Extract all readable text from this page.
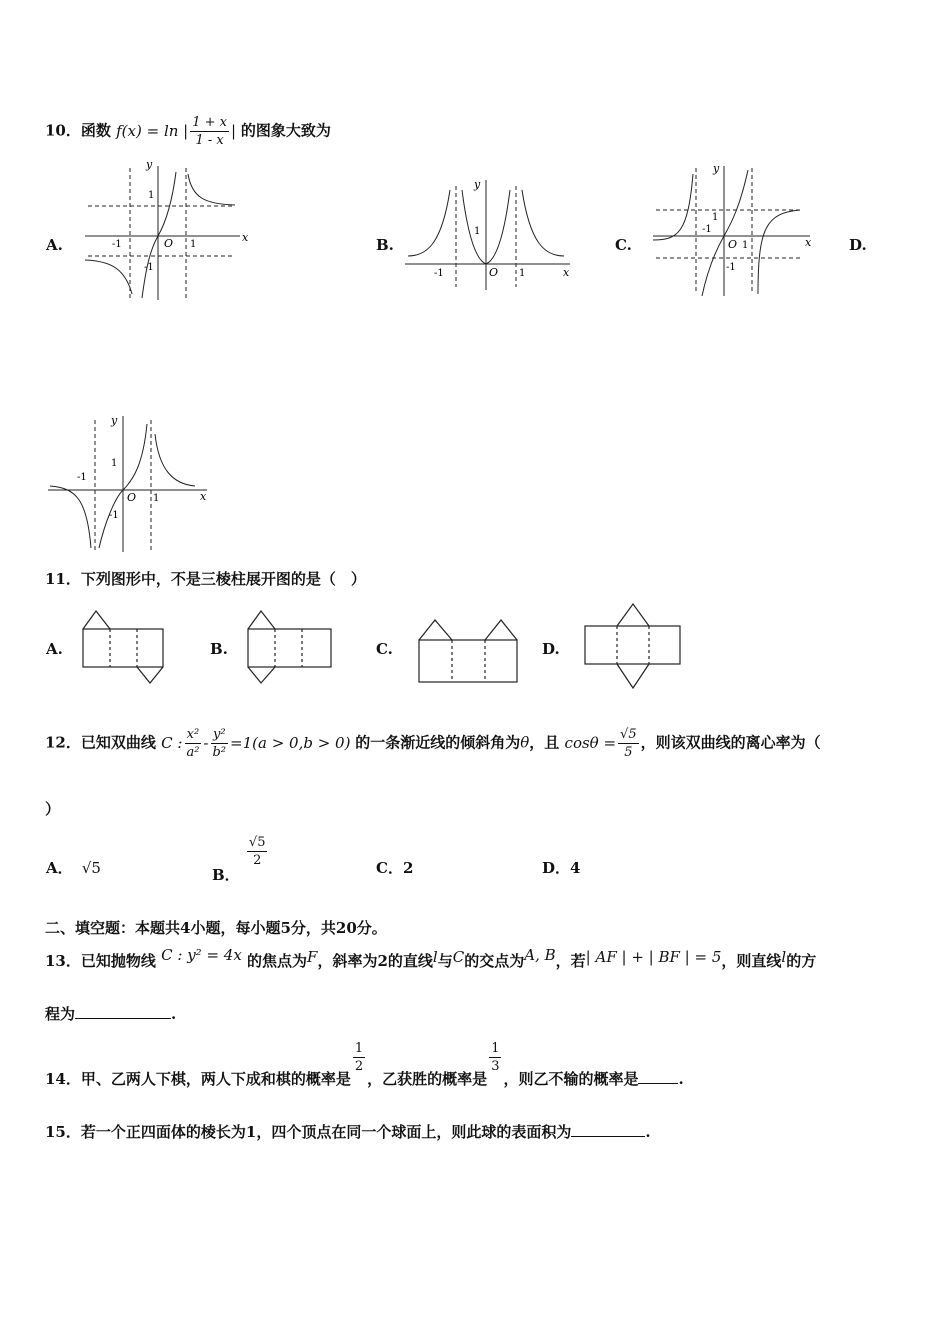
10．函数 f(x) = ln | $\frac{1 + x}{1 - x}$ | 的图象大致为
A.	B.	C.	D.
y
x
O
1
1
-1
-1
y
x
O
1
1
-1
y
x
O
1
1
-1
-1
y
x
O
1
1
-1
-1
11．下列图形中，不是三棱柱展开图的是（　）
A.	B.	C.	D.
12．已知双曲线 C : $\frac{\text{x²}}{\text{a²}} - \frac{\text{y²}}{\text{b²}} =1(a > 0,b > 0)$ 的一条渐近线的倾斜角为θ，且 $\cos\theta = \frac{√5}{5}$ ，则该双曲线的离心率为（
）
A． √5	B．
$\frac{√5}{2}$	C．2	D．4
二、填空题：本题共4小题，每小题5分，共20分。
13．已知抛物线 C : y² = 4x 的焦点为F，斜率为2的直线l与C的交点为A, B，若| AF | + | BF | = 5，则直线l的方
程为	.
14．甲、乙两人下棋，两人下成和棋的概率是
$\frac{1}{2}$
，乙获胜的概率是
$\frac{1}{3}$
，则乙不输的概率是	.
15．若一个正四面体的棱长为1，四个顶点在同一个球面上，则此球的表面积为	.
